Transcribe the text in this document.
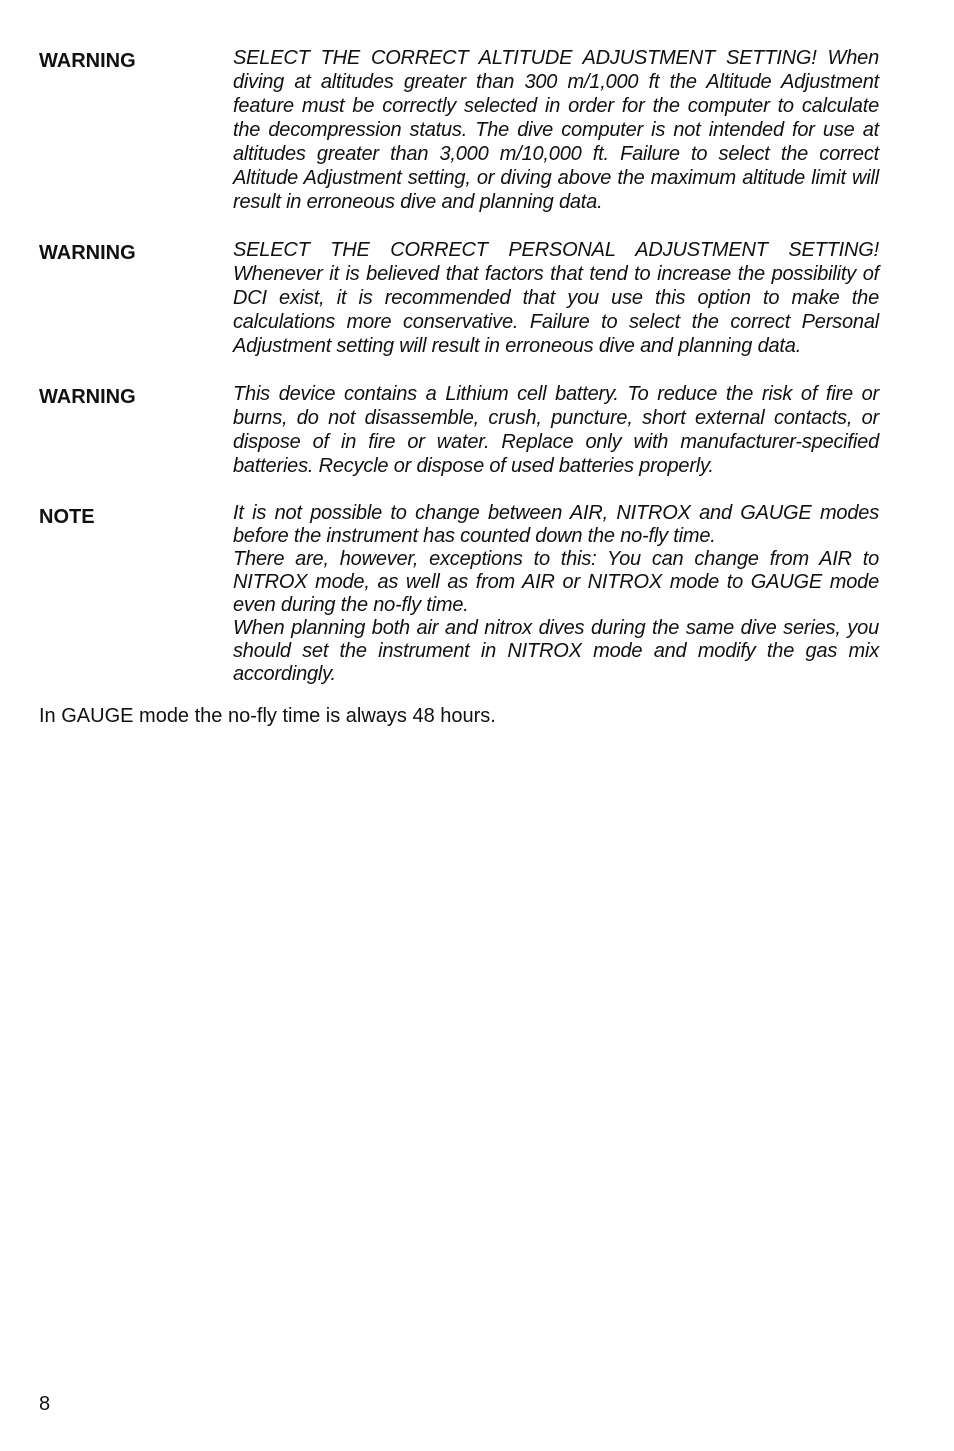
WARNING	SELECT THE CORRECT ALTITUDE ADJUSTMENT SETTING! When diving at altitudes greater than 300 m/1,000 ft the Altitude Adjustment feature must be correctly selected in order for the computer to calculate the decompression status. The dive computer is not intended for use at altitudes greater than 3,000 m/10,000 ft. Failure to select the correct Altitude Adjustment setting, or diving above the maximum altitude limit will result in erroneous dive and planning data.
WARNING	SELECT THE CORRECT PERSONAL ADJUSTMENT SETTING! Whenever it is believed that factors that tend to increase the possibility of DCI exist, it is recommended that you use this option to make the calculations more conservative. Failure to select the correct Personal Adjustment setting will result in erroneous dive and planning data.
WARNING	This device contains a Lithium cell battery. To reduce the risk of fire or burns, do not disassemble, crush, puncture, short external contacts, or dispose of in fire or water. Replace only with manufacturer-specified batteries. Recycle or dispose of used batteries properly.
NOTE	It is not possible to change between AIR, NITROX and GAUGE modes before the instrument has counted down the no-fly time.
There are, however, exceptions to this: You can change from AIR to NITROX mode, as well as from AIR or NITROX mode to GAUGE mode even during the no-fly time.
When planning both air and nitrox dives during the same dive series, you should set the instrument in NITROX mode and modify the gas mix accordingly.
In GAUGE mode the no-fly time is always 48 hours.
8
